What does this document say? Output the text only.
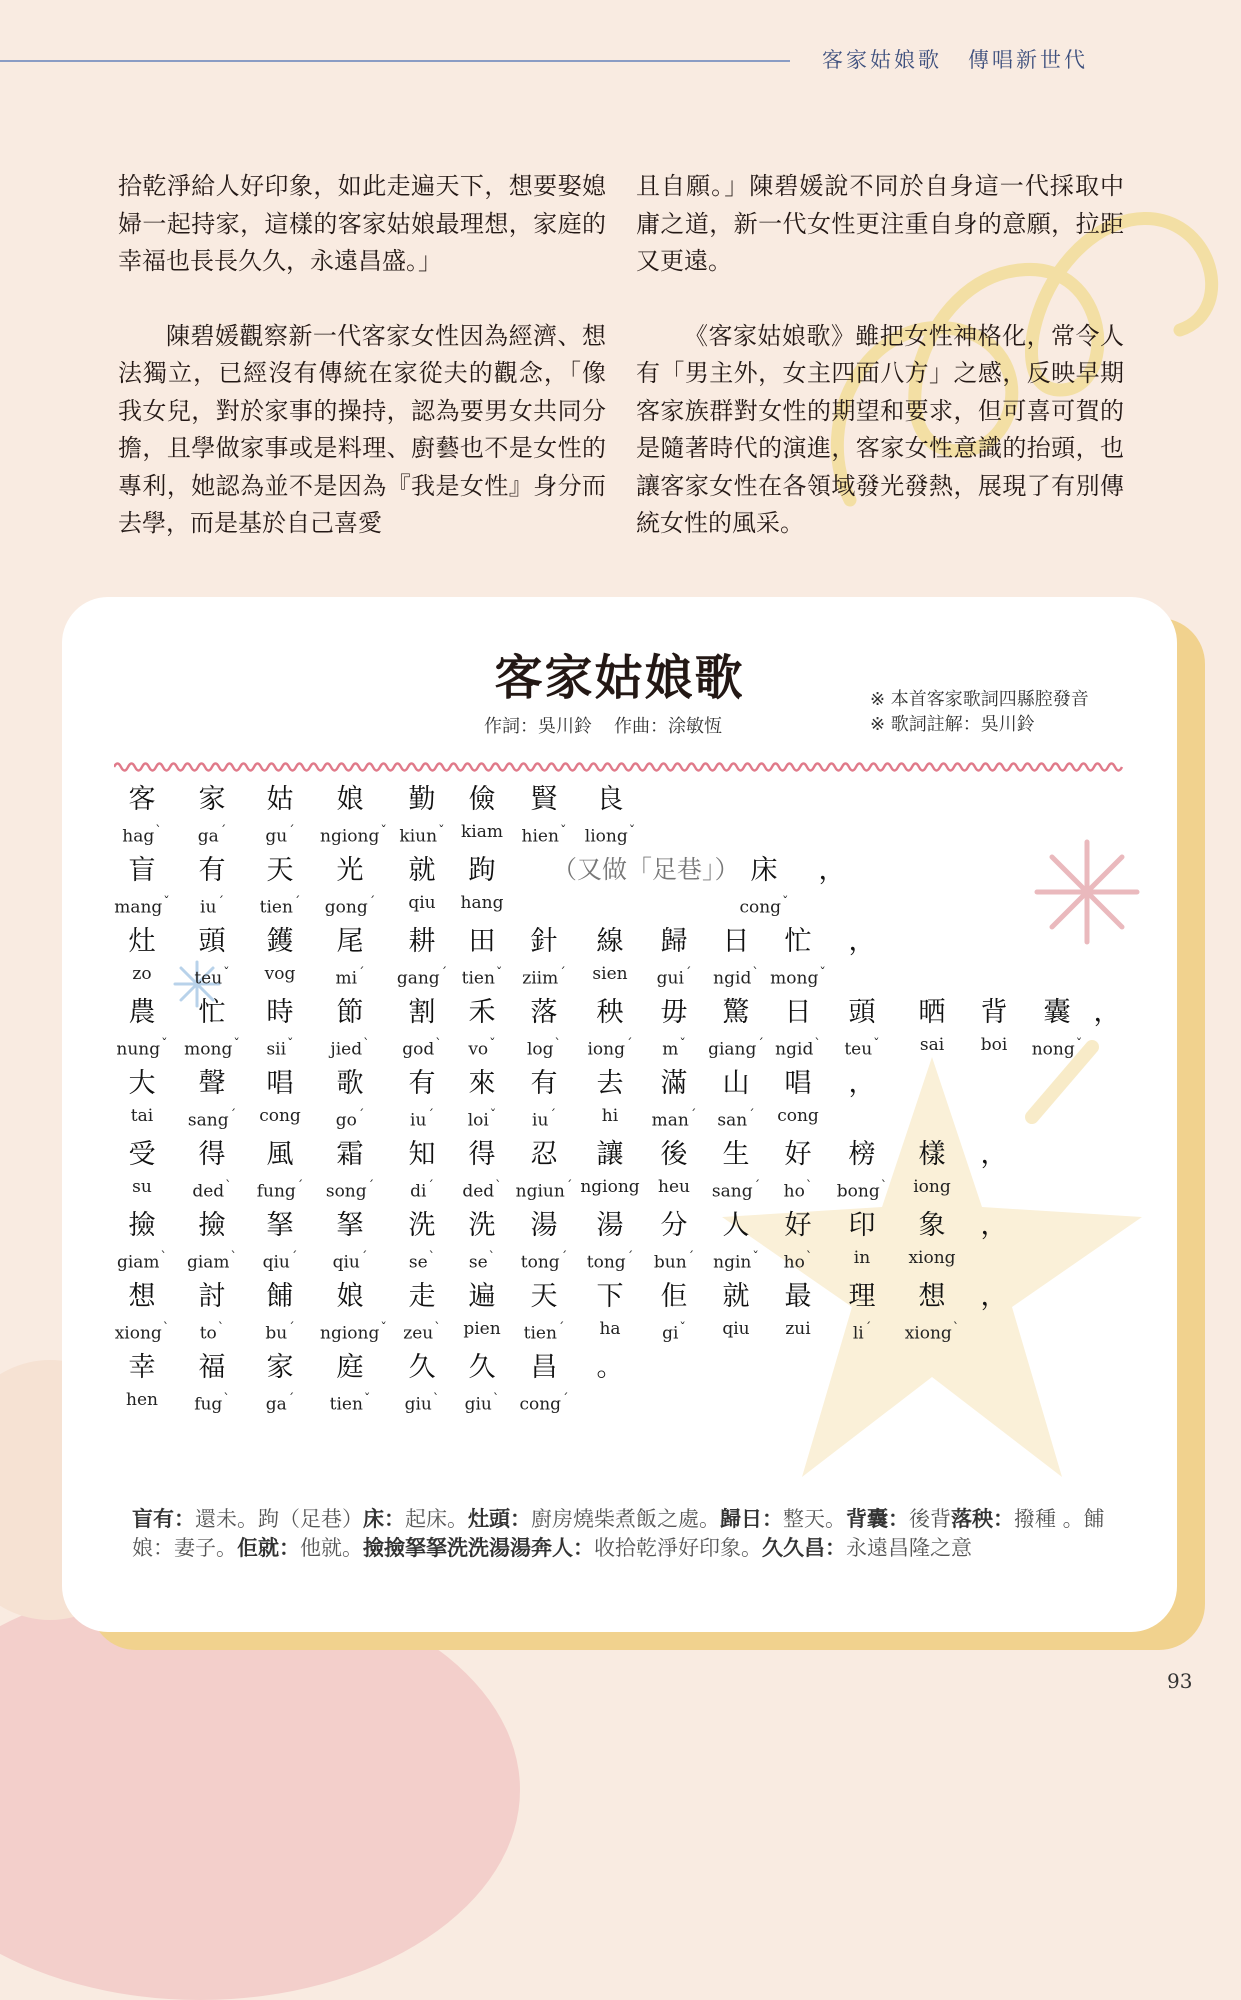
客家姑娘歌 傳唱新世代

拾乾淨給人好印象，如此走遍天下，想要娶媳婦一起持家，這樣的客家姑娘最理想，家庭的幸福也長長久久，永遠昌盛。」

陳碧媛觀察新一代客家女性因為經濟、想法獨立，已經沒有傳統在家從夫的觀念，「像我女兒，對於家事的操持，認為要男女共同分擔，且學做家事或是料理、廚藝也不是女性的專利，她認為並不是因為『我是女性』身分而去學，而是基於自己喜愛

且自願。」陳碧媛說不同於自身這一代採取中庸之道，新一代女性更注重自身的意願，拉距又更遠。

《客家姑娘歌》雖把女性神格化，常令人有「男主外，女主四面八方」之感，反映早期客家族群對女性的期望和要求，但可喜可賀的是隨著時代的演進，客家女性意識的抬頭，也讓客家女性在各領域發光發熱，展現了有別傳統女性的風采。

客家姑娘歌
作詞：吳川鈴 作曲：涂敏恆
※ 本首客家歌詞四縣腔發音
※ 歌詞註解：吳川鈴
客
hag$^ˋ$
家
$ga^ˊ$
姑
$gu^ˊ$
娘
ngiong$^ˇ$
勤
kiun$^ˇ$
儉
kiam
賢
hien$^ˇ$
良
liong$^ˇ$
盲
mang$^ˇ$
有
$iu^ˊ$
天
tien$^ˊ$
光
gong$^ˊ$
就
qiu
跔
hang
床
cong$^ˇ$
，
灶
zo
頭
teu$^ˇ$
鑊
vog
尾
$mi^ˊ$
耕
gang$^ˊ$
田
tien$^ˇ$
針
ziim$^ˊ$
線
sien
歸
gui$^ˊ$
日
ngid$^ˋ$
忙
mong$^ˇ$
，
農
nung$^ˇ$
忙
mong$^ˇ$
時
sii$^ˇ$
節
jied$^ˋ$
割
god$^ˋ$
禾
$vo^ˇ$
落
$\log^ˋ$
秧
iong$^ˊ$
毋
$m^ˇ$
驚
giang$^ˊ$
日
ngid$^ˋ$
頭
teu$^ˇ$
晒
sai
背
boi
囊
nong$^ˇ$
，
大
tai
聲
sang$^ˊ$
唱
cong
歌
$go^ˊ$
有
$iu^ˊ$
來
loi$^ˇ$
有
$iu^ˊ$
去
hi
滿
man$^ˊ$
山
san$^ˊ$
唱
cong
，
受
su
得
ded$^ˋ$
風
fung$^ˊ$
霜
song$^ˊ$
知
$di^ˊ$
得
ded$^ˋ$
忍
ngiun$^ˊ$
讓
ngiong
後
heu
生
sang$^ˊ$
好
$ho^ˋ$
榜
bong$^ˋ$
樣
iong
，
撿
giam$^ˋ$
撿
giam$^ˋ$
拏
qiu$^ˊ$
拏
qiu$^ˊ$
洗
$se^ˋ$
洗
$se^ˋ$
湯
tong$^ˊ$
湯
tong$^ˊ$
分
bun$^ˊ$
人
ngin$^ˇ$
好
$ho^ˋ$
印
in
象
xiong
，
想
xiong$^ˋ$
討
$to^ˋ$
餔
$bu^ˊ$
娘
ngiong$^ˇ$
走
zeu$^ˋ$
遍
pien
天
tien$^ˊ$
下
ha
佢
$gi^ˇ$
就
qiu
最
zui
理
$li^ˊ$
想
xiong$^ˋ$
，
幸
hen
福
fug$^ˋ$
家
$ga^ˊ$
庭
tien$^ˇ$
久
giu$^ˋ$
久
giu$^ˋ$
昌
cong$^ˊ$
。
（又做「足巷」）
盲有：還未。跔（足巷）床：起床。灶頭：廚房燒柴煮飯之處。歸日：整天。背囊：後背落秧：撥種 。餔娘：妻子。佢就：他就。撿撿拏拏洗洗湯湯奔人：收拾乾淨好印象。久久昌：永遠昌隆之意
93
